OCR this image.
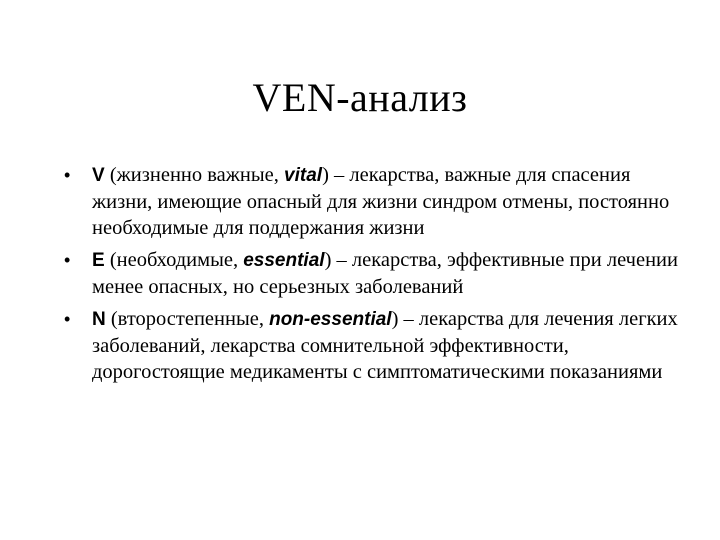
VEN-анализ
• V (жизненно важные, vital) – лекарства, важные для спасения жизни, имеющие опасный для жизни синдром отмены, постоянно необходимые для поддержания жизни
• E (необходимые, essential) – лекарства, эффективные при лечении менее опасных, но серьезных заболеваний
• N (второстепенные, non-essential) – лекарства для лечения легких заболеваний, лекарства сомнительной эффективности, дорогостоящие медикаменты с симптоматическими показаниями
